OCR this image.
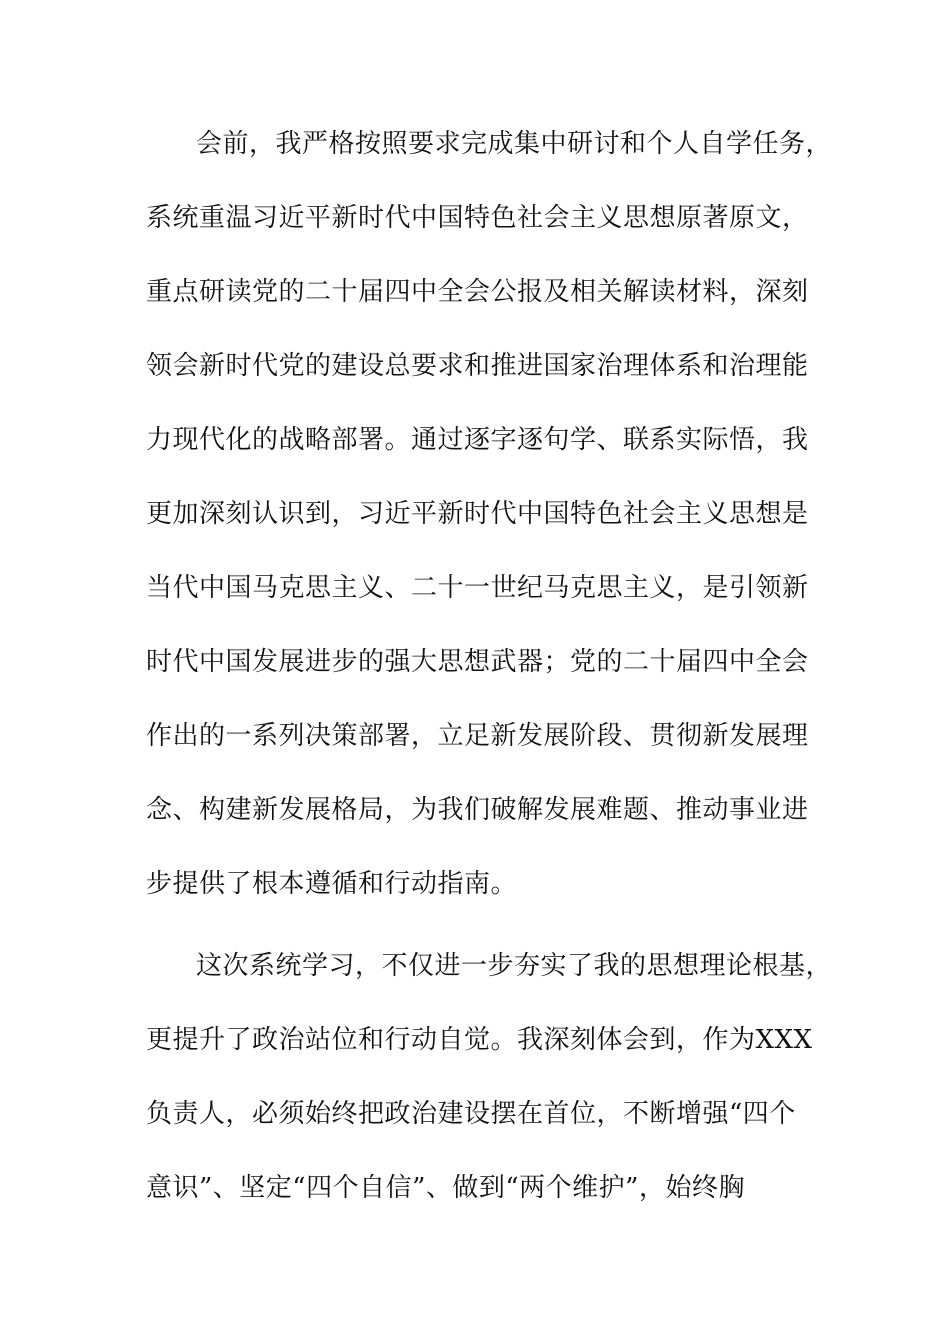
会前，我严格按照要求完成集中研讨和个人自学任务，
系统重温习近平新时代中国特色社会主义思想原著原文，
重点研读党的二十届四中全会公报及相关解读材料，深刻
领会新时代党的建设总要求和推进国家治理体系和治理能
力现代化的战略部署。通过逐字逐句学、联系实际悟，我
更加深刻认识到，习近平新时代中国特色社会主义思想是
当代中国马克思主义、二十一世纪马克思主义，是引领新
时代中国发展进步的强大思想武器；党的二十届四中全会
作出的一系列决策部署，立足新发展阶段、贯彻新发展理
念、构建新发展格局，为我们破解发展难题、推动事业进
步提供了根本遵循和行动指南。
这次系统学习，不仅进一步夯实了我的思想理论根基，
更提升了政治站位和行动自觉。我深刻体会到，作为XXX
负责人，必须始终把政治建设摆在首位，不断增强“四个
意识”、坚定“四个自信”、做到“两个维护”，始终胸
